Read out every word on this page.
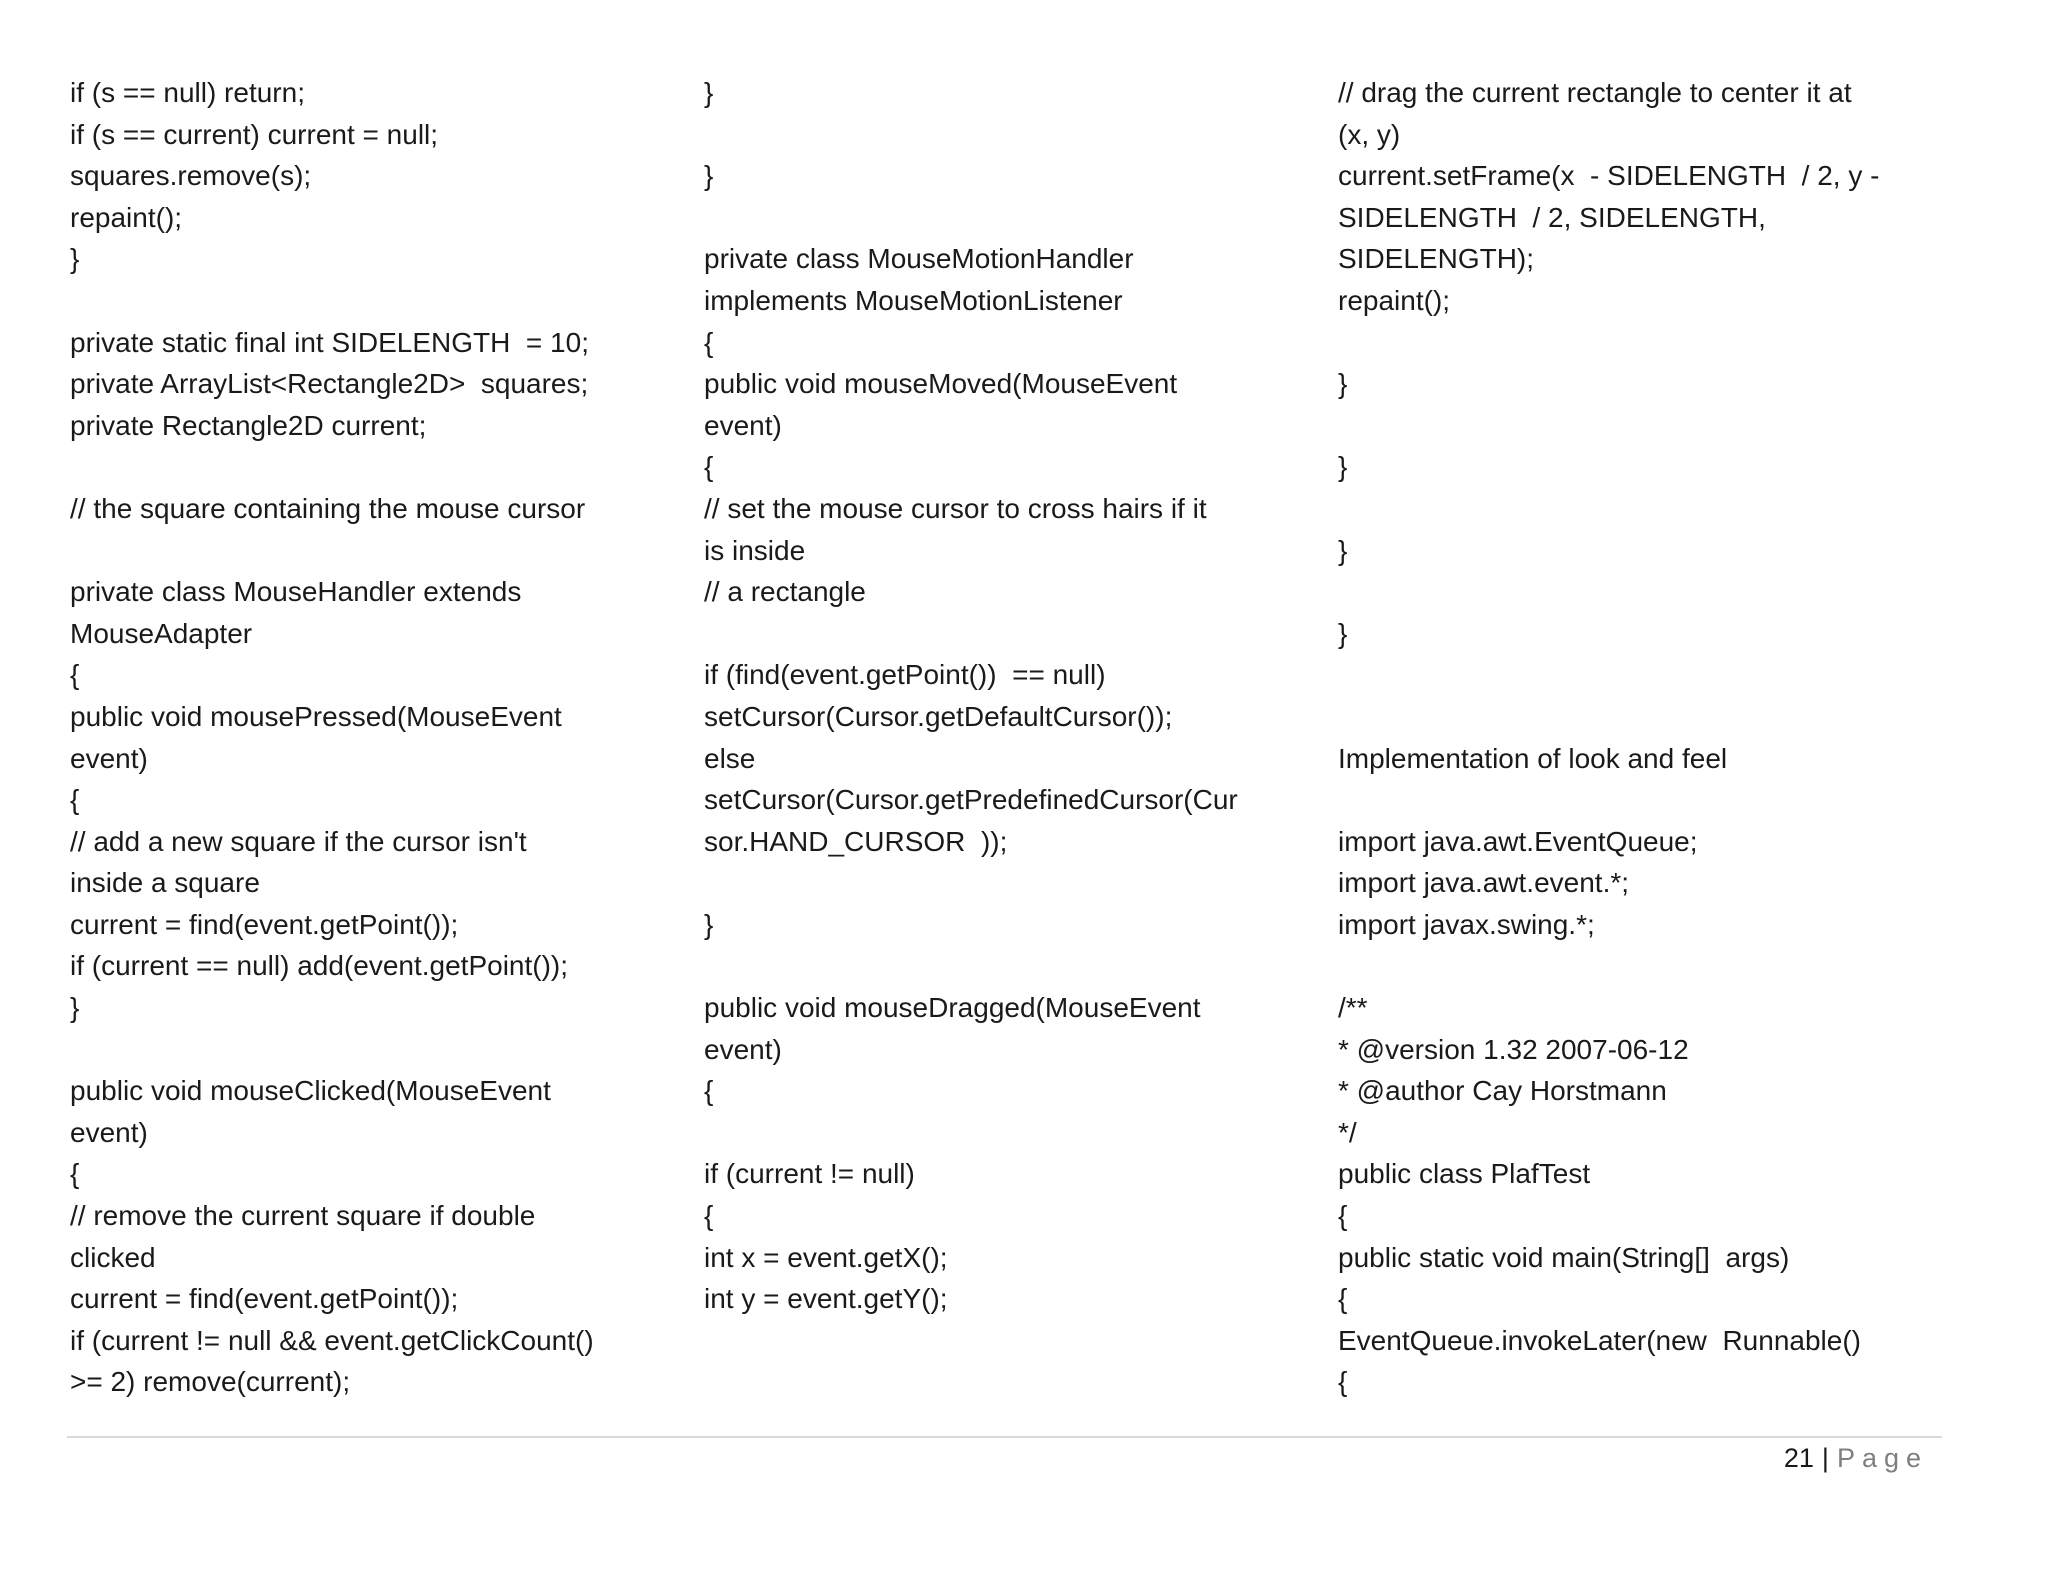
if (s == null) return;
if (s == current) current = null;
squares.remove(s);
repaint();
}
private static final int SIDELENGTH  = 10;
private ArrayList<Rectangle2D>  squares;
private Rectangle2D current;
// the square containing the mouse cursor
private class MouseHandler extends
MouseAdapter
{
public void mousePressed(MouseEvent
event)
{
// add a new square if the cursor isn't
inside a square
current = find(event.getPoint());
if (current == null) add(event.getPoint());
}
public void mouseClicked(MouseEvent
event)
{
// remove the current square if double
clicked
current = find(event.getPoint());
if (current != null && event.getClickCount()
>= 2) remove(current);
}
}
private class MouseMotionHandler
implements MouseMotionListener
{
public void mouseMoved(MouseEvent
event)
{
// set the mouse cursor to cross hairs if it
is inside
// a rectangle
if (find(event.getPoint())  == null)
setCursor(Cursor.getDefaultCursor());
else
setCursor(Cursor.getPredefinedCursor(Cur
sor.HAND_CURSOR  ));
}
public void mouseDragged(MouseEvent
event)
{
if (current != null)
{
int x = event.getX();
int y = event.getY();
// drag the current rectangle to center it at
(x, y)
current.setFrame(x  - SIDELENGTH  / 2, y -
SIDELENGTH  / 2, SIDELENGTH,
SIDELENGTH);
repaint();
}
}
}
}
Implementation of look and feel
import java.awt.EventQueue;
import java.awt.event.*;
import javax.swing.*;
/**
* @version 1.32 2007-06-12
* @author Cay Horstmann
*/
public class PlafTest
{
public static void main(String[]  args)
{
EventQueue.invokeLater(new  Runnable()
{
21 | Page
